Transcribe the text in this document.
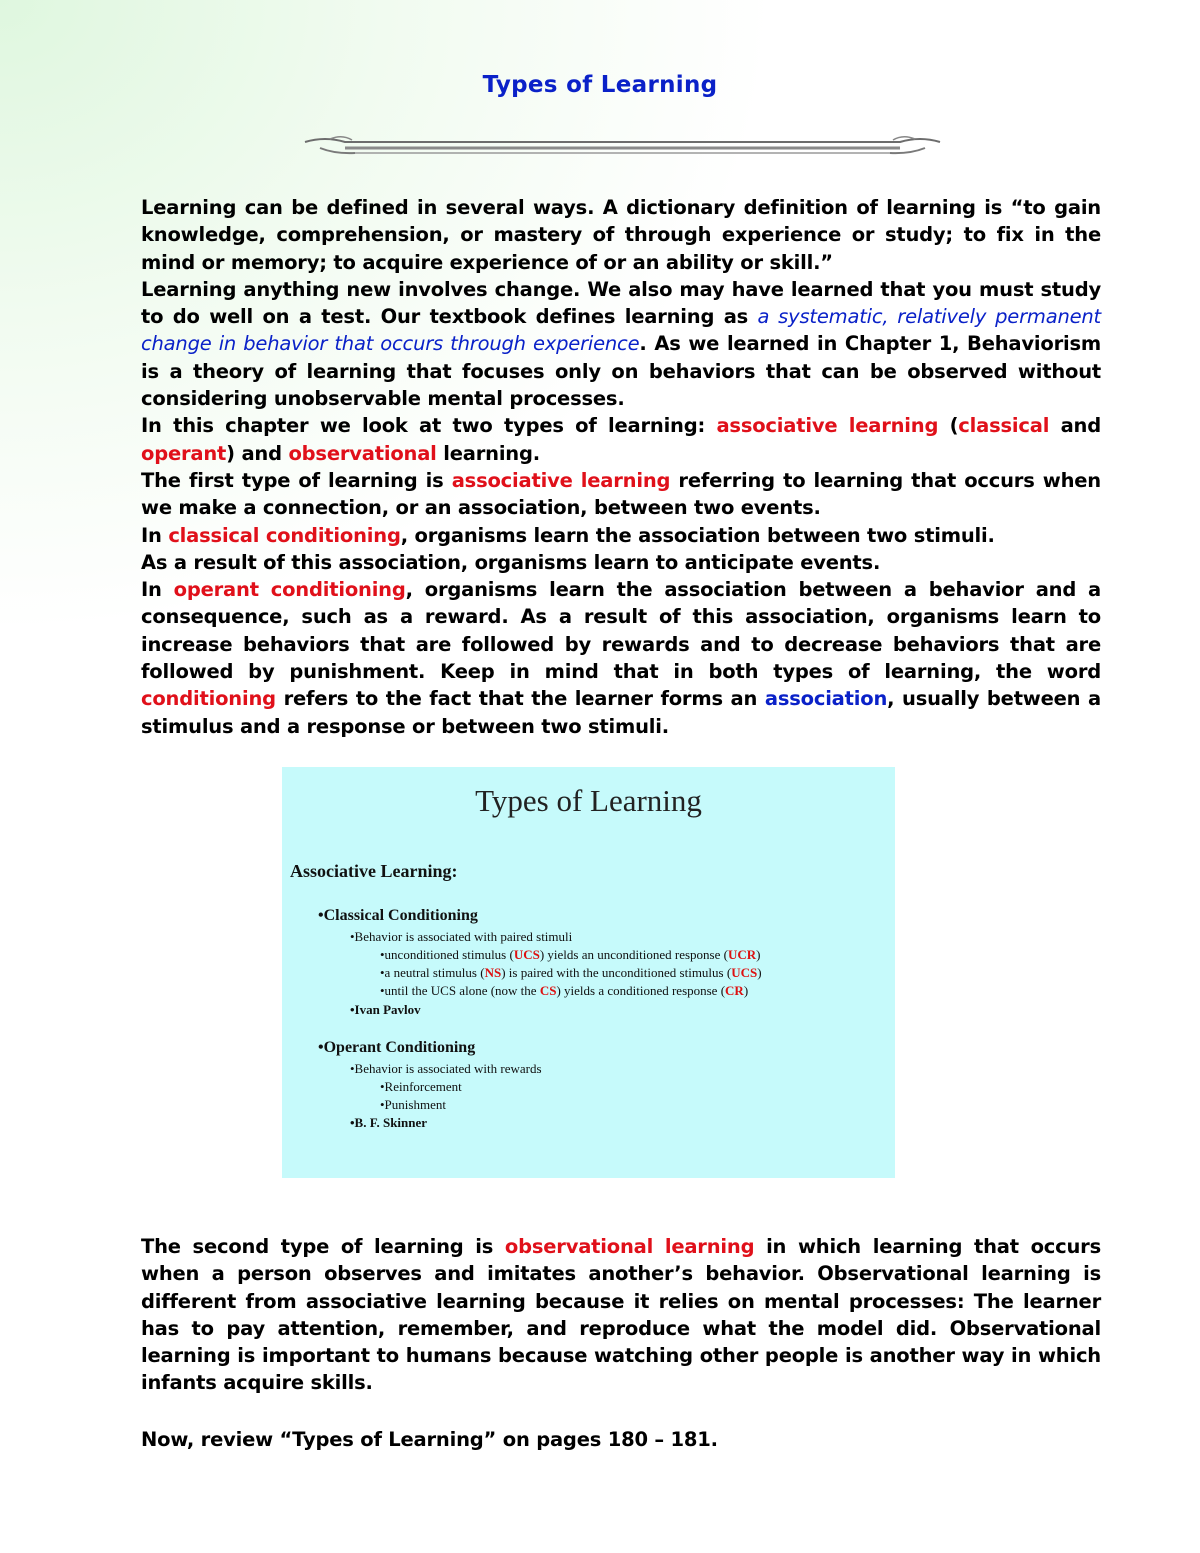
Types of Learning

Learning can be defined in several ways. A dictionary definition of learning is “to gain knowledge, comprehension, or mastery of through experience or study; to fix in the mind or memory; to acquire experience of or an ability or skill.”

Learning anything new involves change. We also may have learned that you must study to do well on a test. Our textbook defines learning as a systematic, relatively permanent change in behavior that occurs through experience. As we learned in Chapter 1, Behaviorism is a theory of learning that focuses only on behaviors that can be observed without considering unobservable mental processes.

In this chapter we look at two types of learning: associative learning (classical and operant) and observational learning.

The first type of learning is associative learning referring to learning that occurs when we make a connection, or an association, between two events.

In classical conditioning, organisms learn the association between two stimuli.

As a result of this association, organisms learn to anticipate events.

In operant conditioning, organisms learn the association between a behavior and a consequence, such as a reward. As a result of this association, organisms learn to increase behaviors that are followed by rewards and to decrease behaviors that are followed by punishment. Keep in mind that in both types of learning, the word conditioning refers to the fact that the learner forms an association, usually between a stimulus and a response or between two stimuli.

Types of Learning
Associative Learning:
•Classical Conditioning
•Behavior is associated with paired stimuli
•unconditioned stimulus (UCS) yields an unconditioned response (UCR)
•a neutral stimulus (NS) is paired with the unconditioned stimulus (UCS)
•until the UCS alone (now the CS) yields a conditioned response (CR)
•Ivan Pavlov
•Operant Conditioning
•Behavior is associated with rewards
•Reinforcement
•Punishment
•B. F. Skinner

The second type of learning is observational learning in which learning that occurs when a person observes and imitates another’s behavior. Observational learning is different from associative learning because it relies on mental processes: The learner has to pay attention, remember, and reproduce what the model did. Observational learning is important to humans because watching other people is another way in which infants acquire skills.

Now, review “Types of Learning” on pages 180 – 181.
